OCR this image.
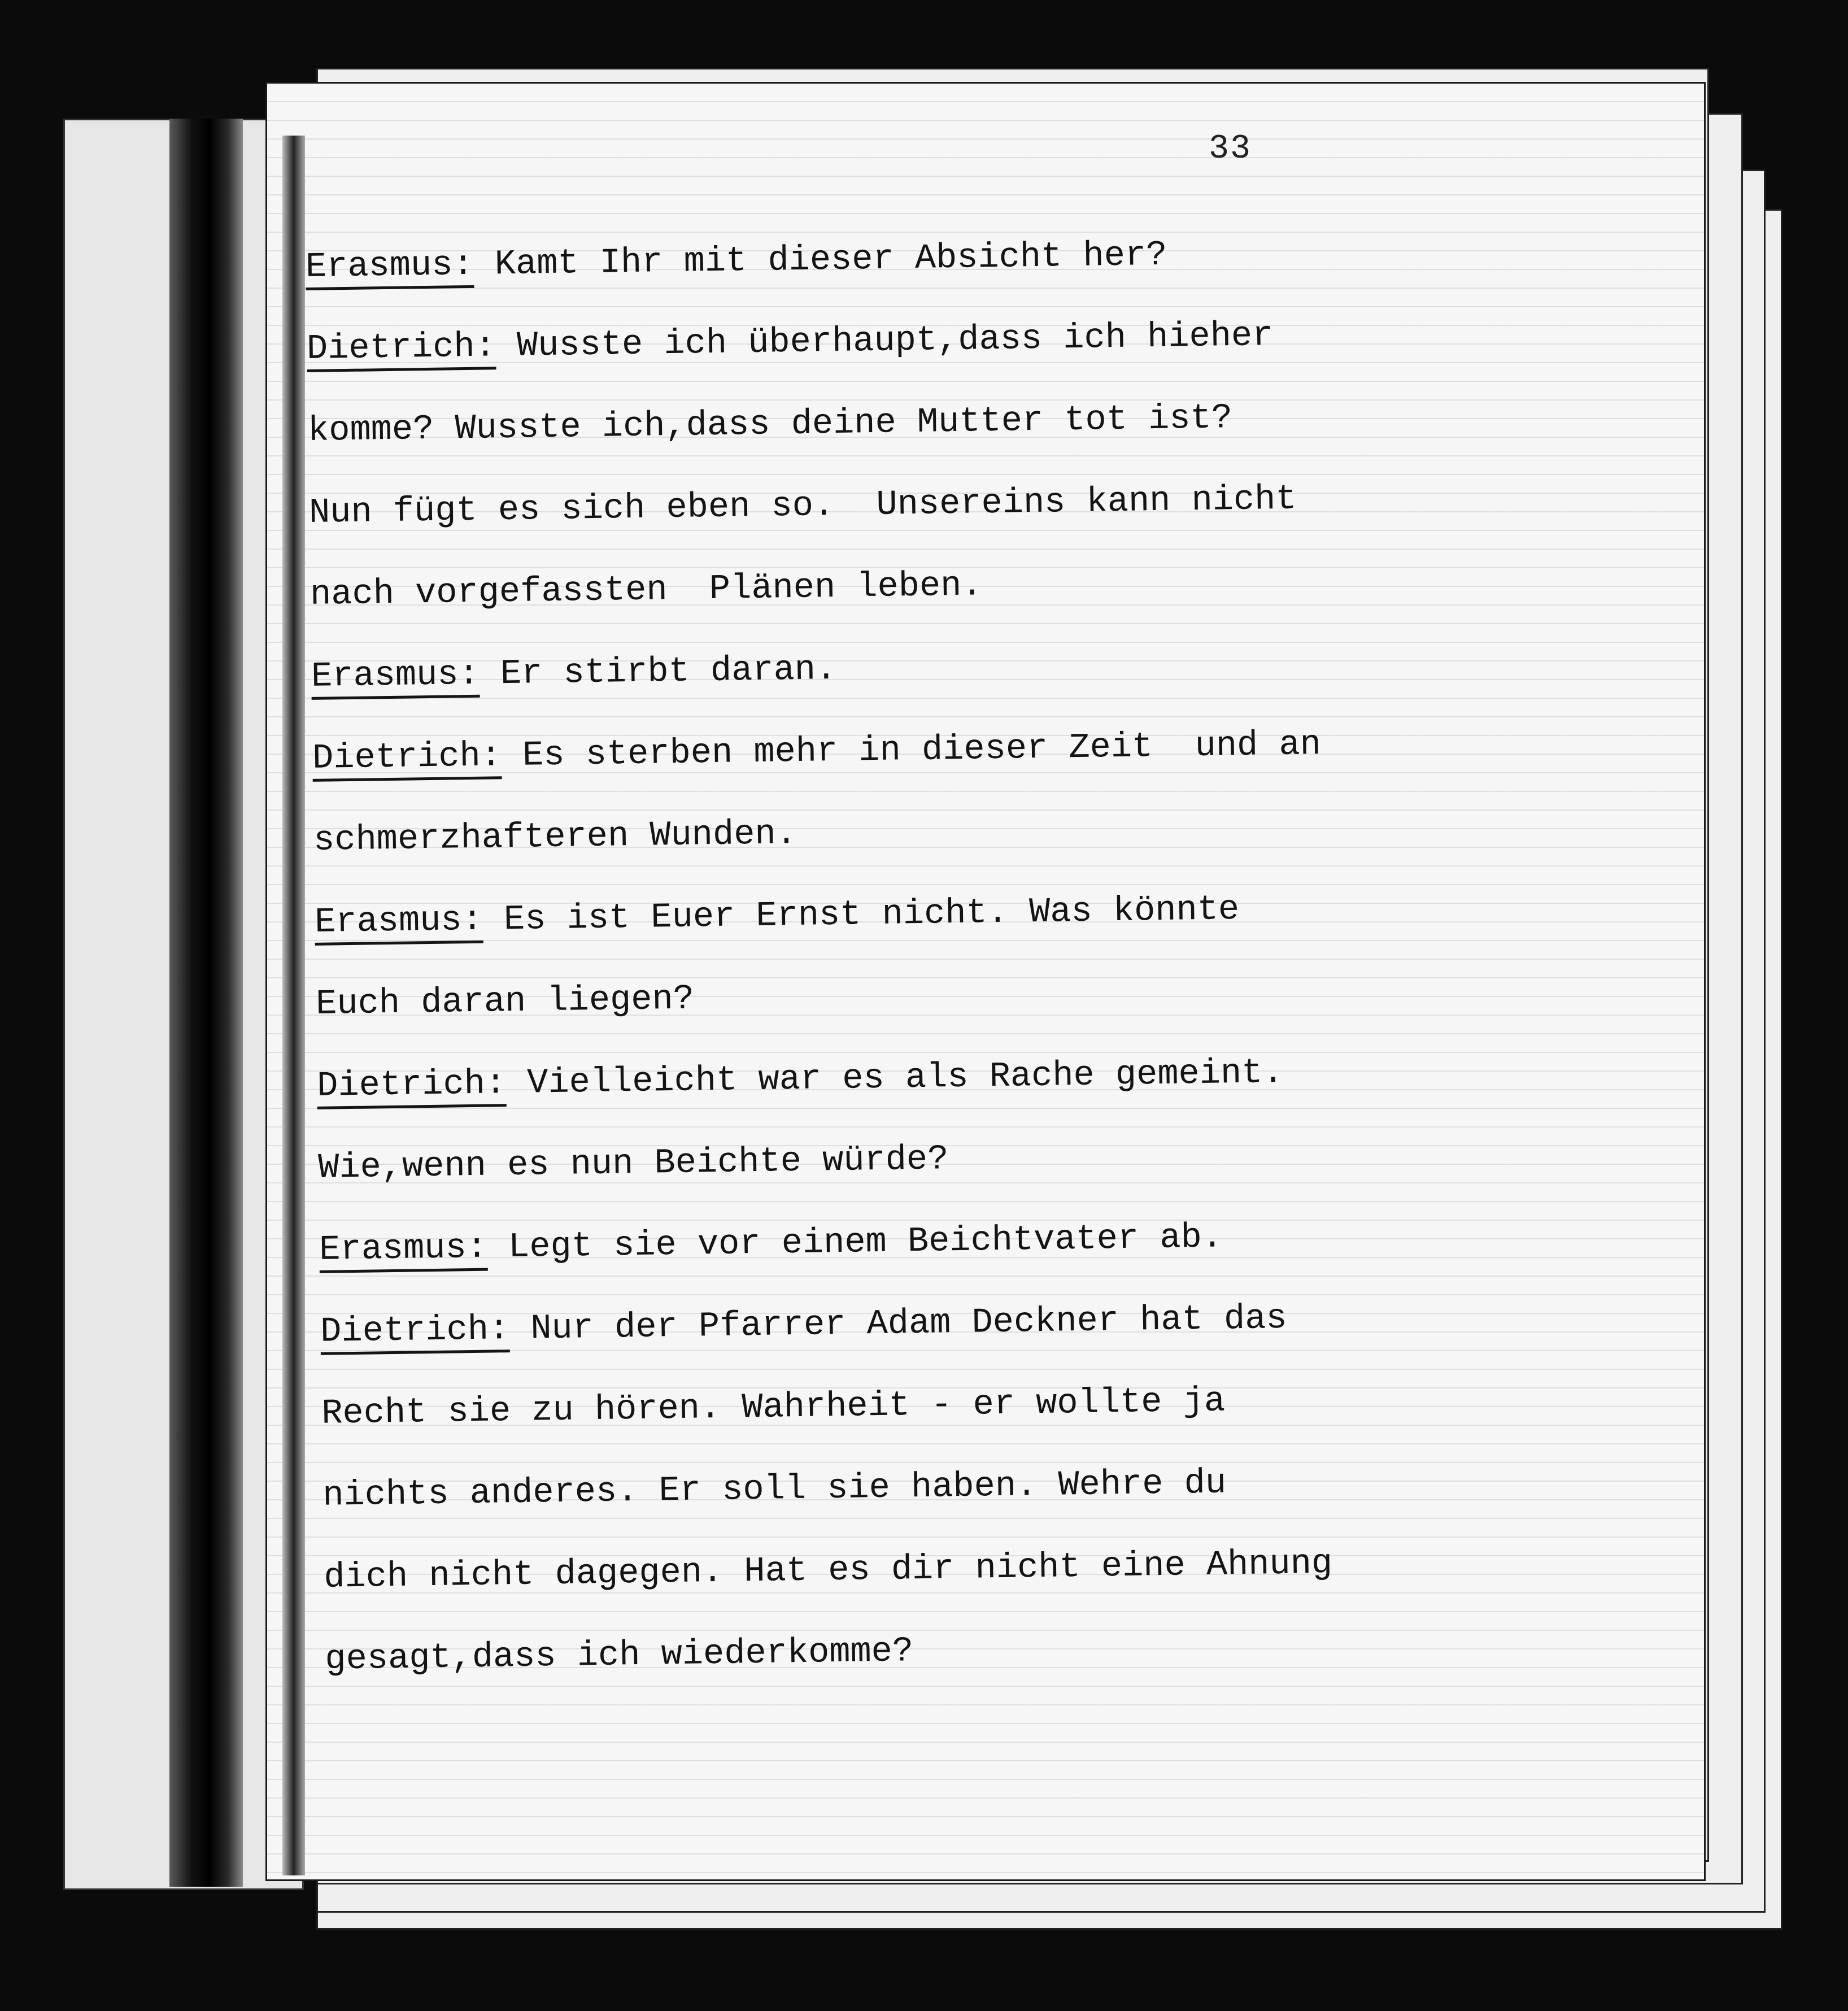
33
Erasmus: Kamt Ihr mit dieser Absicht her?
Dietrich: Wusste ich überhaupt,dass ich hieher
komme? Wusste ich,dass deine Mutter tot ist?
Nun fügt es sich eben so.  Unsereins kann nicht
nach vorgefassten  Plänen leben.
Erasmus: Er stirbt daran.
Dietrich: Es sterben mehr in dieser Zeit  und an
schmerzhafteren Wunden.
Erasmus: Es ist Euer Ernst nicht. Was könnte
Euch daran liegen?
Dietrich: Vielleicht war es als Rache gemeint.
Wie,wenn es nun Beichte würde?
Erasmus: Legt sie vor einem Beichtvater ab.
Dietrich: Nur der Pfarrer Adam Deckner hat das
Recht sie zu hören. Wahrheit - er wollte ja
nichts anderes. Er soll sie haben. Wehre du
dich nicht dagegen. Hat es dir nicht eine Ahnung
gesagt,dass ich wiederkomme?
